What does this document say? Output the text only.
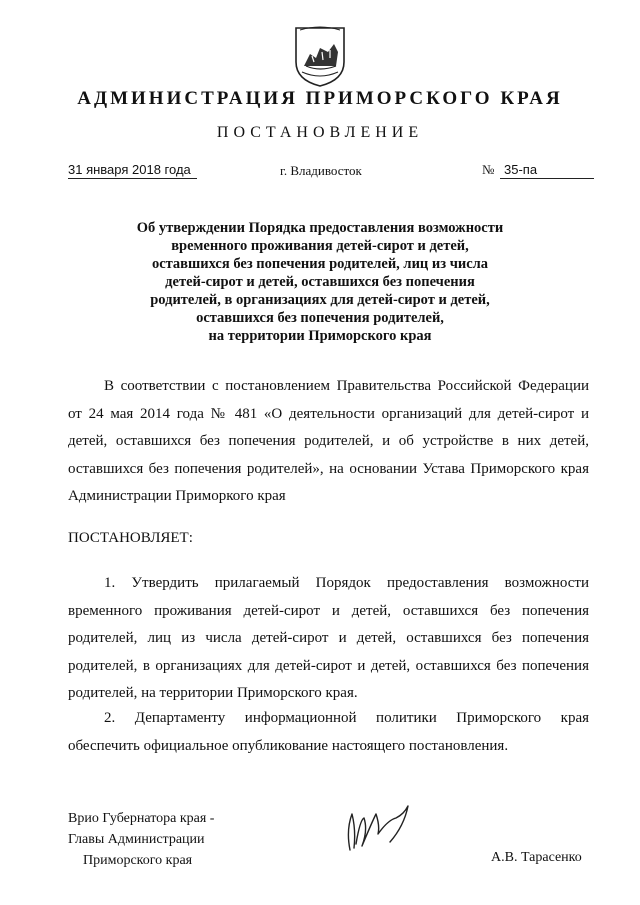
АДМИНИСТРАЦИЯ ПРИМОРСКОГО КРАЯ
ПОСТАНОВЛЕНИЕ
31 января 2018 года	г. Владивосток	№ 35-па
Об утверждении Порядка предоставления возможности
временного проживания детей-сирот и детей,
оставшихся без попечения родителей, лиц из числа
детей-сирот и детей, оставшихся без попечения
родителей, в организациях для детей-сирот и детей,
оставшихся без попечения родителей,
на территории Приморского края
В соответствии с постановлением Правительства Российской Федерации
от 24 мая 2014 года № 481 «О деятельности организаций для детей-сирот и
детей, оставшихся без попечения родителей, и об устройстве в них детей,
оставшихся без попечения родителей», на основании Устава Приморского края
Администрации Приморкого края
ПОСТАНОВЛЯЕТ:
1. Утвердить прилагаемый Порядок предоставления возможности
временного проживания детей-сирот и детей, оставшихся без попечения
родителей, лиц из числа детей-сирот и детей, оставшихся без попечения
родителей, в организациях для детей-сирот и детей, оставшихся без попечения
родителей, на территории Приморского края.
2. Департаменту информационной политики Приморского края
обеспечить официальное опубликование настоящего постановления.
Врио Губернатора края -
Главы Администрации
Приморского края	А.В. Тарасенко
